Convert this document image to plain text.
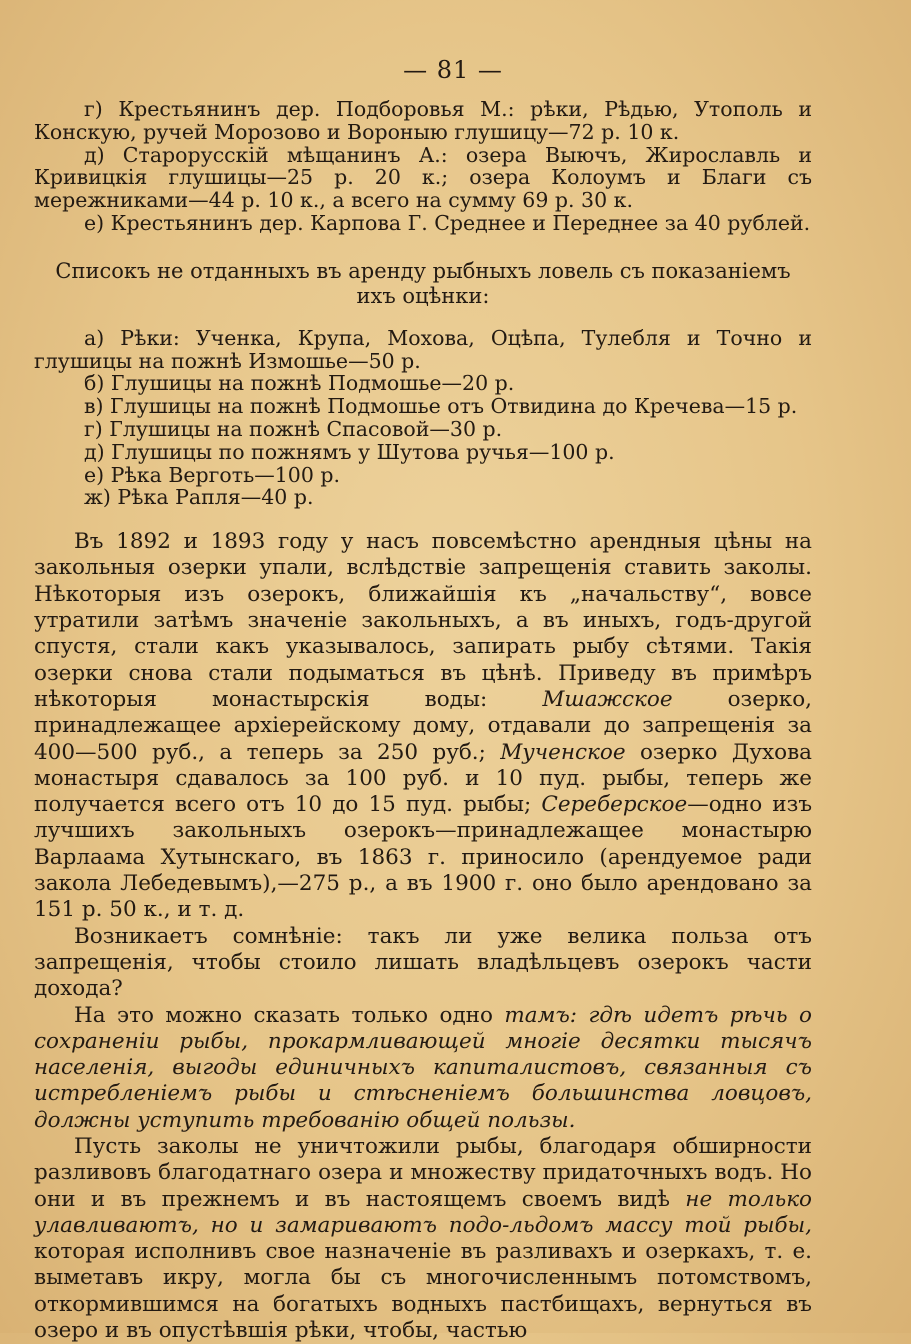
— 81 —

г) Крестьянинъ дер. Подборовья М.: рѣки, Рѣдью, Утополь и Конскую, ручей Морозово и Вороныю глушицу—72 р. 10 к.

д) Старорусскій мѣщанинъ А.: озера Выючъ, Жирославль и Кривицкія глушицы—25 р. 20 к.; озера Колоумъ и Благи съ мережниками—44 р. 10 к., а всего на сумму 69 р. 30 к.

е) Крестьянинъ дер. Карпова Г. Среднее и Переднее за 40 рублей.

Списокъ не отданныхъ въ аренду рыбныхъ ловель съ показаніемъ ихъ оцѣнки:

а) Рѣки: Ученка, Крупа, Мохова, Оцѣпа, Тулебля и Точно и глушицы на пожнѣ Измошье—50 р.

б) Глушицы на пожнѣ Подмошье—20 р.

в) Глушицы на пожнѣ Подмошье отъ Отвидина до Кречева—15 р.

г) Глушицы на пожнѣ Спасовой—30 р.

д) Глушицы по пожнямъ у Шутова ручья—100 р.

е) Рѣка Верготь—100 р.

ж) Рѣка Рапля—40 р.

Въ 1892 и 1893 году у насъ повсемѣстно арендныя цѣны на закольныя озерки упали, вслѣдствіе запрещенія ставить заколы. Нѣкоторыя изъ озерокъ, ближайшія къ „начальству“, вовсе утратили затѣмъ значеніе закольныхъ, а въ иныхъ, годъ-другой спустя, стали какъ указывалось, запирать рыбу сѣтями. Такія озерки снова стали подыматься въ цѣнѣ. Приведу въ примѣръ нѣкоторыя монастырскія воды: Мшажское озерко, принадлежащее архіерейскому дому, отдавали до запрещенія за 400—500 руб., а теперь за 250 руб.; Мученское озерко Духова монастыря сдавалось за 100 руб. и 10 пуд. рыбы, теперь же получается всего отъ 10 до 15 пуд. рыбы; Сереберское—одно изъ лучшихъ закольныхъ озерокъ—принадлежащее монастырю Варлаама Хутынскаго, въ 1863 г. приносило (арендуемое ради закола Лебедевымъ),—275 р., а въ 1900 г. оно было арендовано за 151 р. 50 к., и т. д.

Возникаетъ сомнѣніе: такъ ли уже велика польза отъ запрещенія, чтобы стоило лишать владѣльцевъ озерокъ части дохода?

На это можно сказать только одно тамъ: гдѣ идетъ рѣчь о сохраненіи рыбы, прокармливающей многіе десятки тысячъ населенія, выгоды единичныхъ капиталистовъ, связанныя съ истребленіемъ рыбы и стѣсненіемъ большинства ловцовъ, должны уступить требованію общей пользы.

Пусть заколы не уничтожили рыбы, благодаря обширности разливовъ благодатнаго озера и множеству придаточныхъ водъ. Но они и въ прежнемъ и въ настоящемъ своемъ видѣ не только улавливаютъ, но и замариваютъ подо-льдомъ массу той рыбы, которая исполнивъ свое назначеніе въ разливахъ и озеркахъ, т. е. выметавъ икру, могла бы съ многочисленнымъ потомствомъ, откормившимся на богатыхъ водныхъ пастбищахъ, вернуться въ озеро и въ опустѣвшія рѣки, чтобы, частью
